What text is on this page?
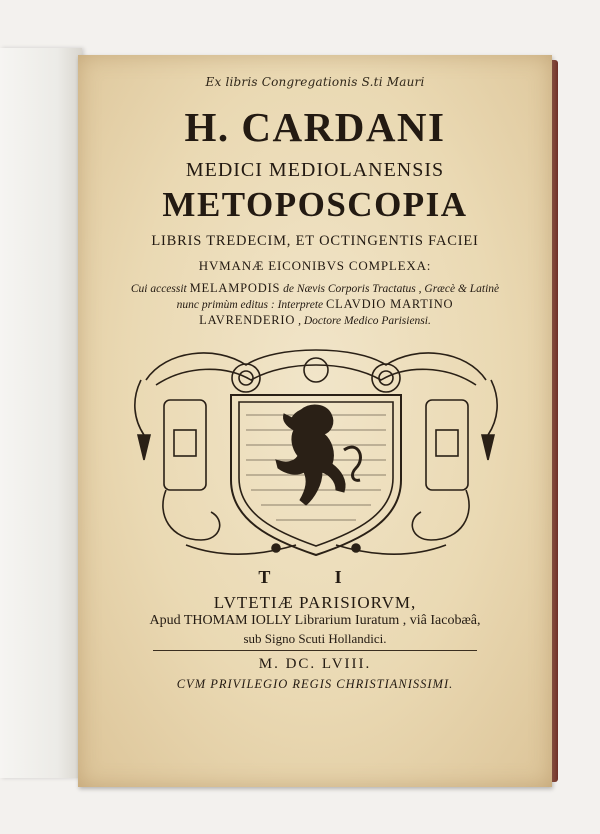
Ex libris Congregationis S.ti Mauri
H. CARDANI
MEDICI MEDIOLANENSIS
METOPOSCOPIA
LIBRIS TREDECIM, ET OCTINGENTIS FACIEI
HVMANÆ EICONIBVS COMPLEXA:
Cui accessit MELAMPODIS de Nævis Corporis Tractatus , Græcè & Latinè
nunc primùm editus : Interprete CLAVDIO MARTINO
LAVRENDERIO , Doctore Medico Parisiensi.
T I
LVTETIÆ PARISIORVM,
Apud THOMAM IOLLY Librarium Iuratum , viâ Iacobæâ,
sub Signo Scuti Hollandici.
M. DC. LVIII.
CVM PRIVILEGIO REGIS CHRISTIANISSIMI.
